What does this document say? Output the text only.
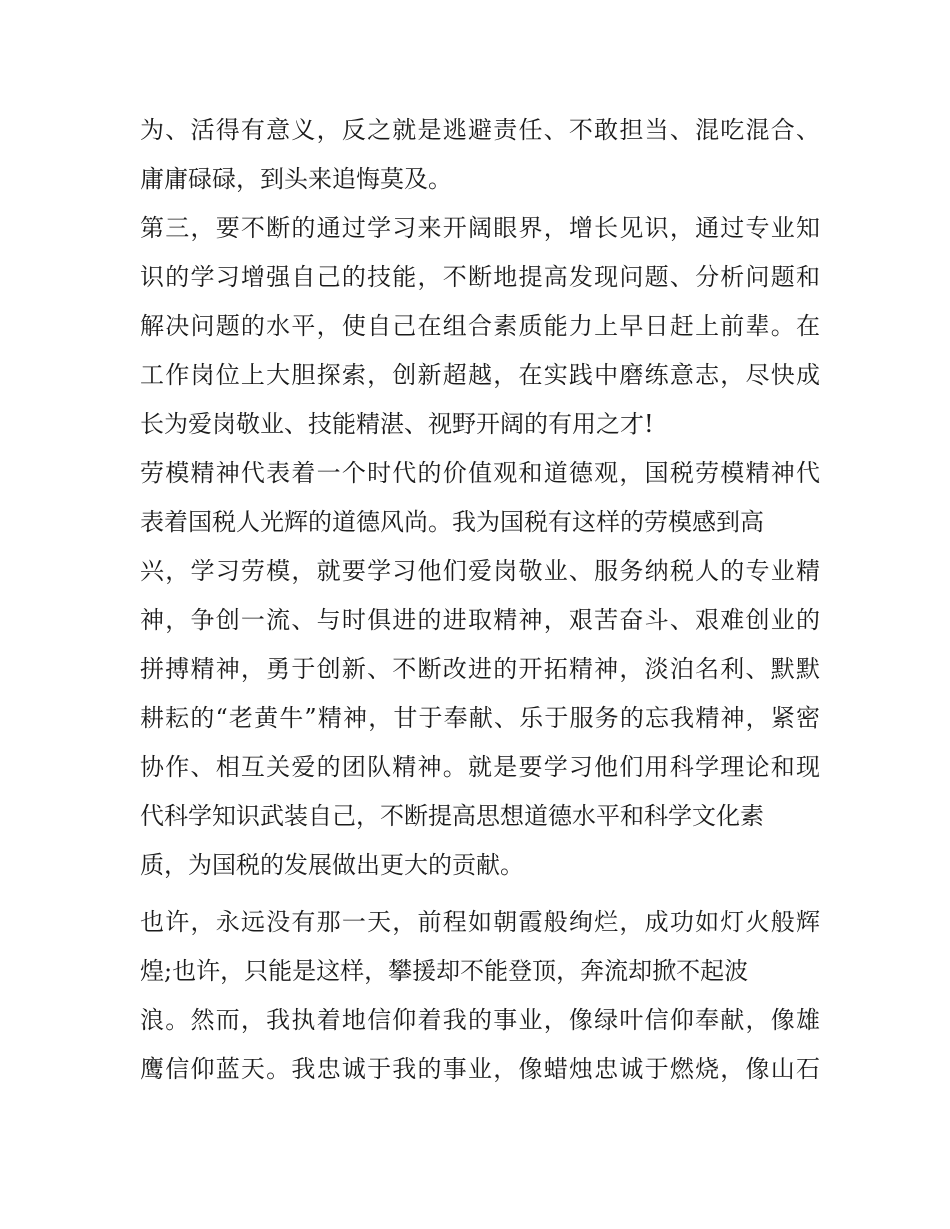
为、活得有意义，反之就是逃避责任、不敢担当、混吃混合、
庸庸碌碌，到头来追悔莫及。
第三，要不断的通过学习来开阔眼界，增长见识，通过专业知
识的学习增强自己的技能，不断地提高发现问题、分析问题和
解决问题的水平，使自己在组合素质能力上早日赶上前辈。在
工作岗位上大胆探索，创新超越，在实践中磨练意志，尽快成
长为爱岗敬业、技能精湛、视野开阔的有用之才!
劳模精神代表着一个时代的价值观和道德观，国税劳模精神代
表着国税人光辉的道德风尚。我为国税有这样的劳模感到高
兴，学习劳模，就要学习他们爱岗敬业、服务纳税人的专业精
神，争创一流、与时俱进的进取精神，艰苦奋斗、艰难创业的
拼搏精神，勇于创新、不断改进的开拓精神，淡泊名利、默默
耕耘的“老黄牛”精神，甘于奉献、乐于服务的忘我精神，紧密
协作、相互关爱的团队精神。就是要学习他们用科学理论和现
代科学知识武装自己，不断提高思想道德水平和科学文化素
质，为国税的发展做出更大的贡献。
也许，永远没有那一天，前程如朝霞般绚烂，成功如灯火般辉
煌;也许，只能是这样，攀援却不能登顶，奔流却掀不起波
浪。然而，我执着地信仰着我的事业，像绿叶信仰奉献，像雄
鹰信仰蓝天。我忠诚于我的事业，像蜡烛忠诚于燃烧，像山石
